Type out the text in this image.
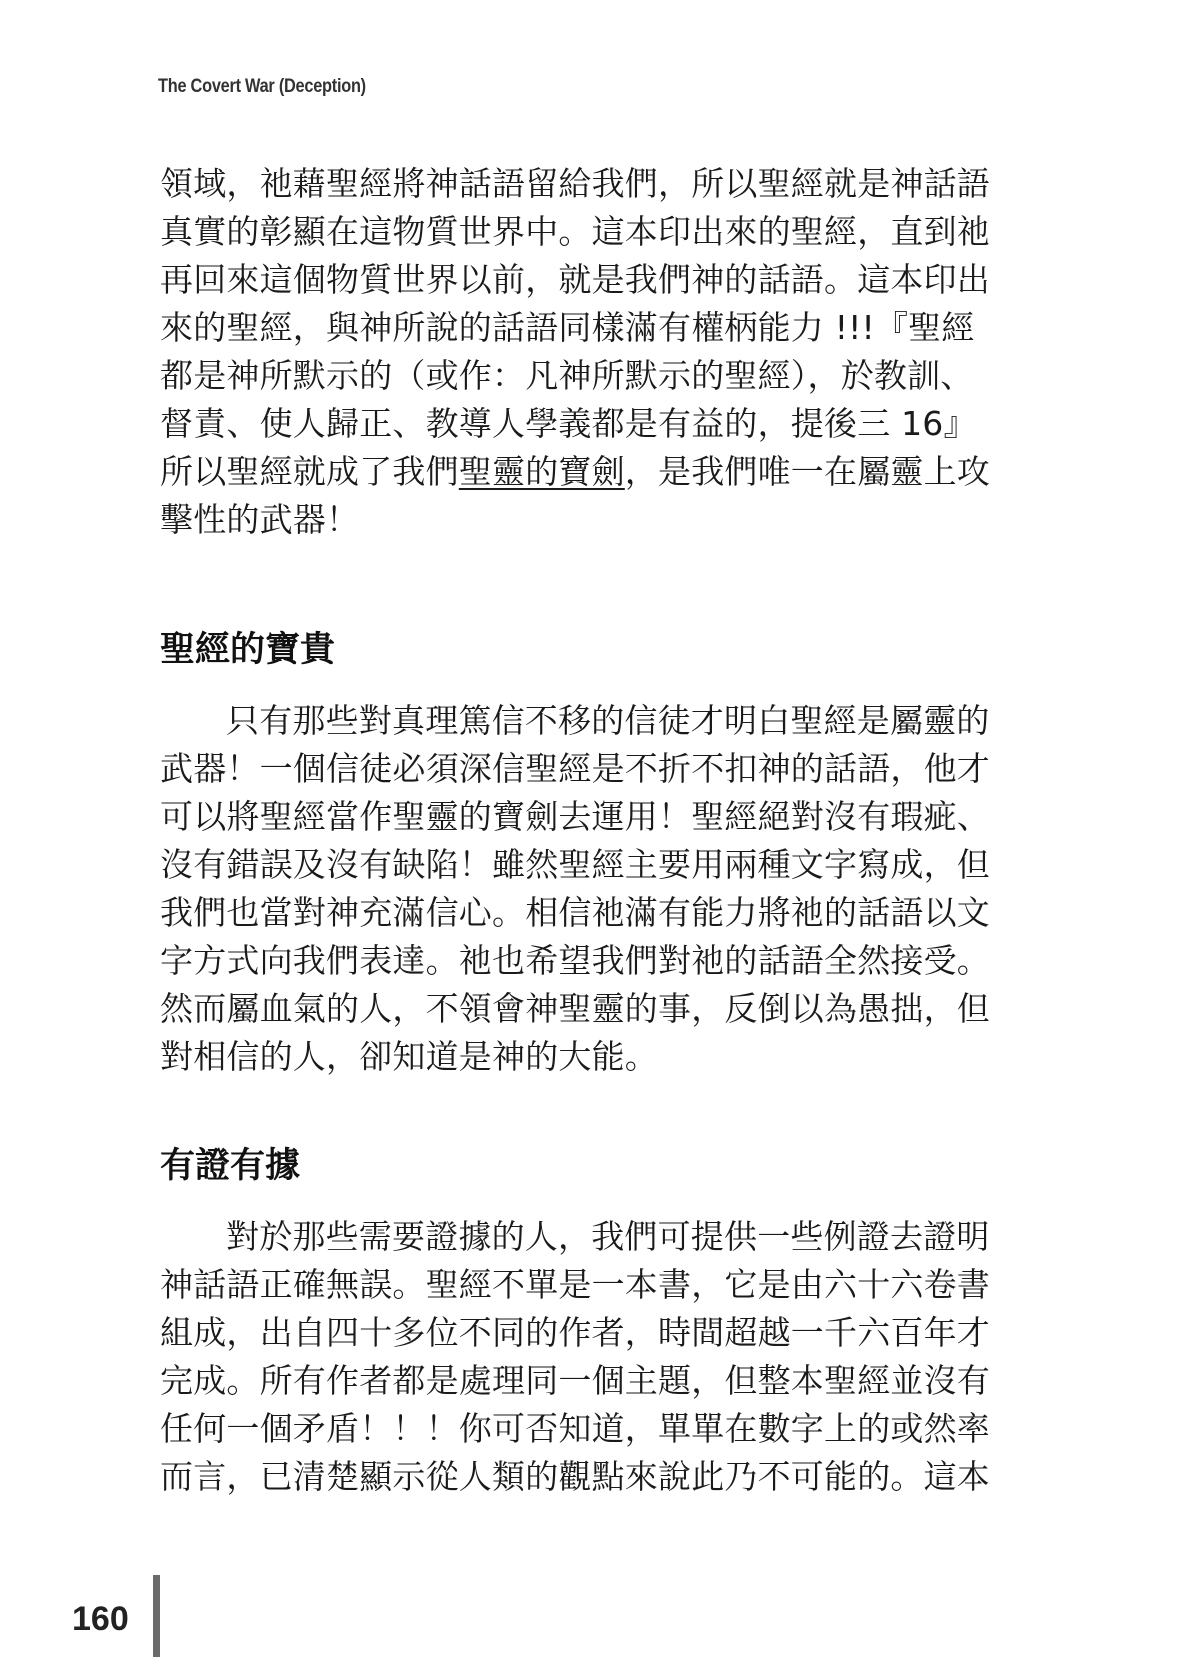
The Covert War (Deception)
領域，祂藉聖經將神話語留給我們，所以聖經就是神話語
真實的彰顯在這物質世界中。這本印出來的聖經，直到祂
再回來這個物質世界以前，就是我們神的話語。這本印出
來的聖經，與神所說的話語同樣滿有權柄能力 !!!『聖經
都是神所默示的（或作：凡神所默示的聖經），於教訓、
督責、使人歸正、教導人學義都是有益的，提後三 16』
所以聖經就成了我們聖靈的寶劍，是我們唯一在屬靈上攻
擊性的武器！
聖經的寶貴
只有那些對真理篤信不移的信徒才明白聖經是屬靈的
武器！一個信徒必須深信聖經是不折不扣神的話語，他才
可以將聖經當作聖靈的寶劍去運用！聖經絕對沒有瑕疵、
沒有錯誤及沒有缺陷！雖然聖經主要用兩種文字寫成，但
我們也當對神充滿信心。相信祂滿有能力將祂的話語以文
字方式向我們表達。祂也希望我們對祂的話語全然接受。
然而屬血氣的人，不領會神聖靈的事，反倒以為愚拙，但
對相信的人，卻知道是神的大能。
有證有據
對於那些需要證據的人，我們可提供一些例證去證明
神話語正確無誤。聖經不單是一本書，它是由六十六卷書
組成，出自四十多位不同的作者，時間超越一千六百年才
完成。所有作者都是處理同一個主題，但整本聖經並沒有
任何一個矛盾！！！你可否知道，單單在數字上的或然率
而言，已清楚顯示從人類的觀點來說此乃不可能的。這本
160
